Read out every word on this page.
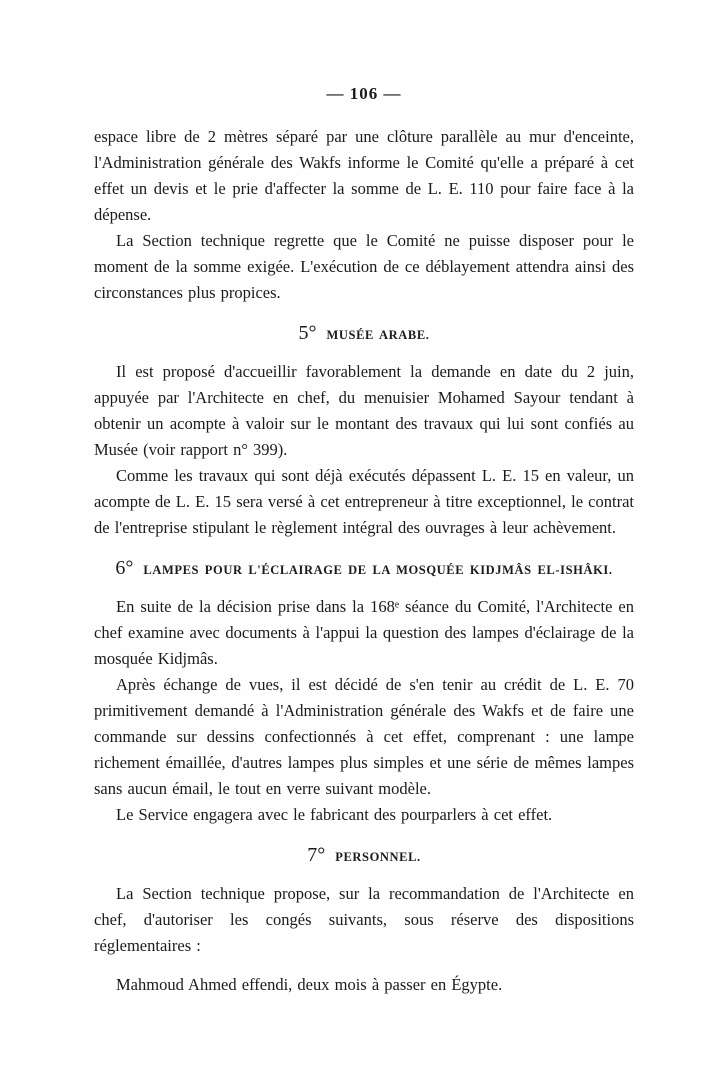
— 106 —

espace libre de 2 mètres séparé par une clôture parallèle au mur d'enceinte, l'Administration générale des Wakfs informe le Comité qu'elle a préparé à cet effet un devis et le prie d'affecter la somme de L. E. 110 pour faire face à la dépense.

La Section technique regrette que le Comité ne puisse disposer pour le moment de la somme exigée. L'exécution de ce déblayement attendra ainsi des circonstances plus propices.

5° MUSÉE ARABE.

Il est proposé d'accueillir favorablement la demande en date du 2 juin, appuyée par l'Architecte en chef, du menuisier Mohamed Sayour tendant à obtenir un acompte à valoir sur le montant des travaux qui lui sont confiés au Musée (voir rapport n° 399).

Comme les travaux qui sont déjà exécutés dépassent L. E. 15 en valeur, un acompte de L. E. 15 sera versé à cet entrepreneur à titre exceptionnel, le contrat de l'entreprise stipulant le règlement intégral des ouvrages à leur achèvement.

6° LAMPES POUR L'ÉCLAIRAGE DE LA MOSQUÉE KIDJMÂS EL-ISHÂKI.

En suite de la décision prise dans la 168ᵉ séance du Comité, l'Architecte en chef examine avec documents à l'appui la question des lampes d'éclairage de la mosquée Kidjmâs.

Après échange de vues, il est décidé de s'en tenir au crédit de L. E. 70 primitivement demandé à l'Administration générale des Wakfs et de faire une commande sur dessins confectionnés à cet effet, comprenant : une lampe richement émaillée, d'autres lampes plus simples et une série de mêmes lampes sans aucun émail, le tout en verre suivant modèle.

Le Service engagera avec le fabricant des pourparlers à cet effet.

7° PERSONNEL.

La Section technique propose, sur la recommandation de l'Architecte en chef, d'autoriser les congés suivants, sous réserve des dispositions réglementaires :

Mahmoud Ahmed effendi, deux mois à passer en Égypte.
